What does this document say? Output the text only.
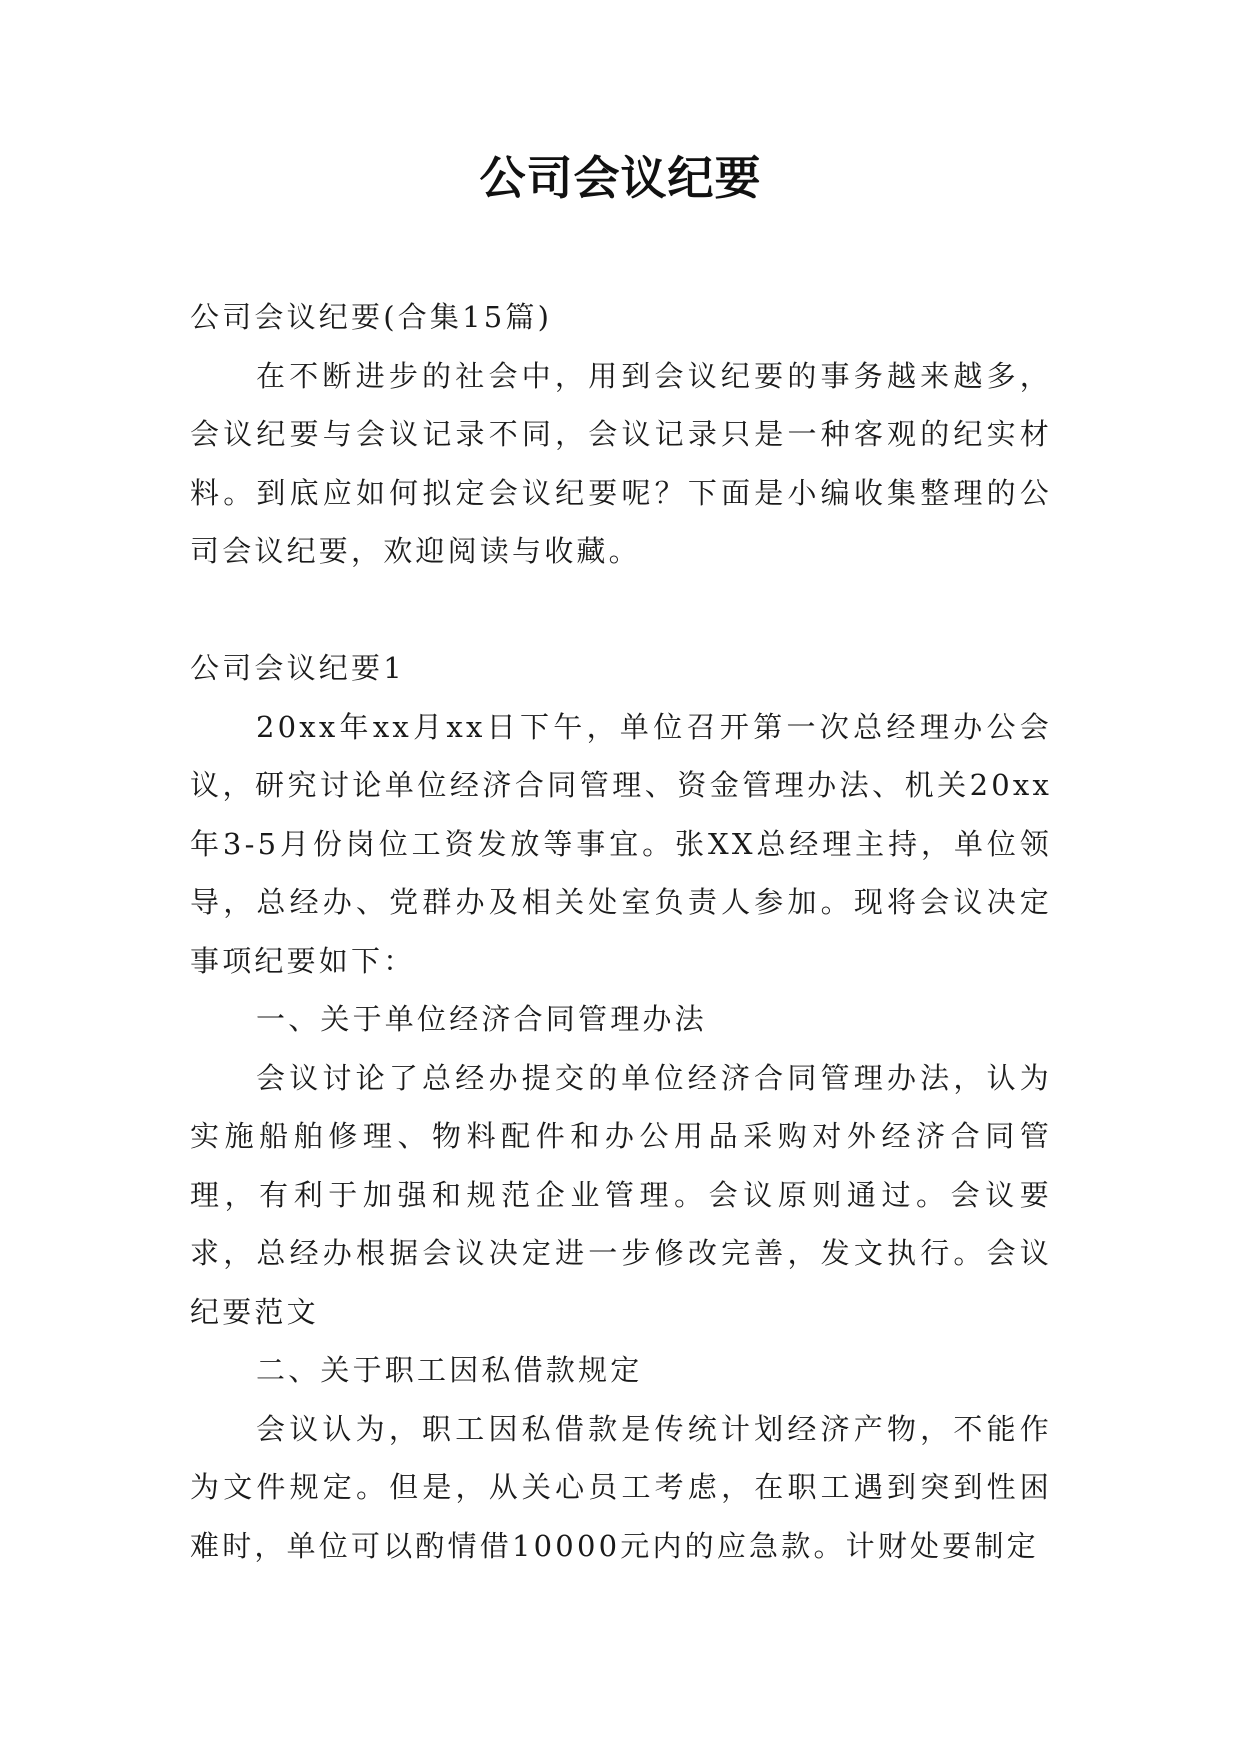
公司会议纪要

公司会议纪要(合集15篇)

在不断进步的社会中，用到会议纪要的事务越来越多，会议纪要与会议记录不同，会议记录只是一种客观的纪实材料。到底应如何拟定会议纪要呢？下面是小编收集整理的公司会议纪要，欢迎阅读与收藏。

公司会议纪要1

20xx年xx月xx日下午，单位召开第一次总经理办公会议，研究讨论单位经济合同管理、资金管理办法、机关20xx年3-5月份岗位工资发放等事宜。张XX总经理主持，单位领导，总经办、党群办及相关处室负责人参加。现将会议决定事项纪要如下：

一、关于单位经济合同管理办法

会议讨论了总经办提交的单位经济合同管理办法，认为实施船舶修理、物料配件和办公用品采购对外经济合同管理，有利于加强和规范企业管理。会议原则通过。会议要求，总经办根据会议决定进一步修改完善，发文执行。会议纪要范文

二、关于职工因私借款规定

会议认为，职工因私借款是传统计划经济产物，不能作为文件规定。但是，从关心员工考虑，在职工遇到突到性困难时，单位可以酌情借10000元内的应急款。计财处要制定
